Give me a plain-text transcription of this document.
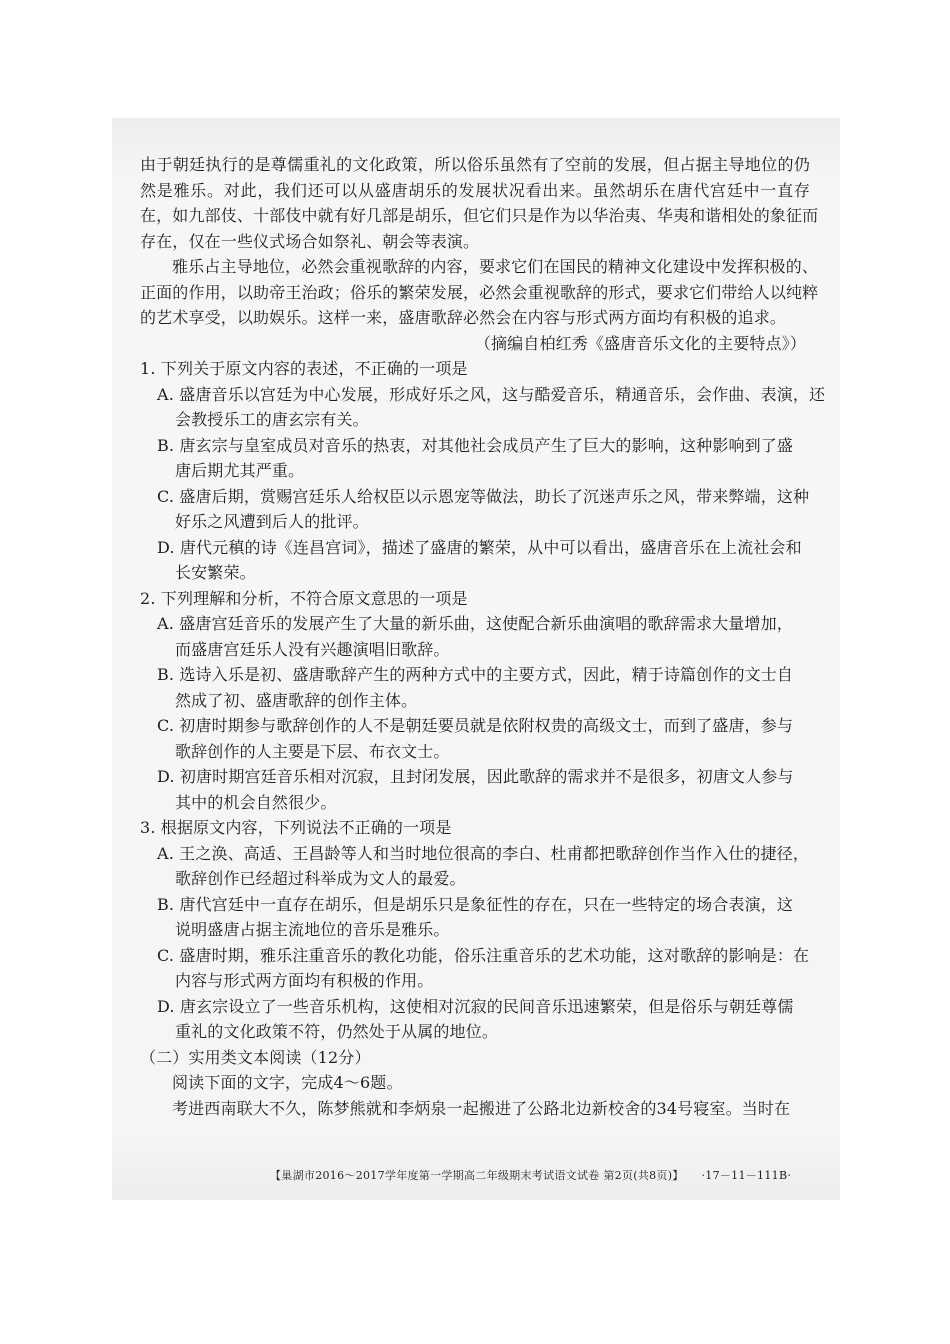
由于朝廷执行的是尊儒重礼的文化政策，所以俗乐虽然有了空前的发展，但占据主导地位的仍
然是雅乐。对此，我们还可以从盛唐胡乐的发展状况看出来。虽然胡乐在唐代宫廷中一直存
在，如九部伎、十部伎中就有好几部是胡乐，但它们只是作为以华治夷、华夷和谐相处的象征而
存在，仅在一些仪式场合如祭礼、朝会等表演。
雅乐占主导地位，必然会重视歌辞的内容，要求它们在国民的精神文化建设中发挥积极的、
正面的作用，以助帝王治政；俗乐的繁荣发展，必然会重视歌辞的形式，要求它们带给人以纯粹
的艺术享受，以助娱乐。这样一来，盛唐歌辞必然会在内容与形式两方面均有积极的追求。
（摘编自柏红秀《盛唐音乐文化的主要特点》）
1. 下列关于原文内容的表述，不正确的一项是
A. 盛唐音乐以宫廷为中心发展，形成好乐之风，这与酷爱音乐，精通音乐，会作曲、表演，还
会教授乐工的唐玄宗有关。
B. 唐玄宗与皇室成员对音乐的热衷，对其他社会成员产生了巨大的影响，这种影响到了盛
唐后期尤其严重。
C. 盛唐后期，赏赐宫廷乐人给权臣以示恩宠等做法，助长了沉迷声乐之风，带来弊端，这种
好乐之风遭到后人的批评。
D. 唐代元稹的诗《连昌宫词》，描述了盛唐的繁荣，从中可以看出，盛唐音乐在上流社会和
长安繁荣。
2. 下列理解和分析，不符合原文意思的一项是
A. 盛唐宫廷音乐的发展产生了大量的新乐曲，这使配合新乐曲演唱的歌辞需求大量增加，
而盛唐宫廷乐人没有兴趣演唱旧歌辞。
B. 选诗入乐是初、盛唐歌辞产生的两种方式中的主要方式，因此，精于诗篇创作的文士自
然成了初、盛唐歌辞的创作主体。
C. 初唐时期参与歌辞创作的人不是朝廷要员就是依附权贵的高级文士，而到了盛唐，参与
歌辞创作的人主要是下层、布衣文士。
D. 初唐时期宫廷音乐相对沉寂，且封闭发展，因此歌辞的需求并不是很多，初唐文人参与
其中的机会自然很少。
3. 根据原文内容，下列说法不正确的一项是
A. 王之涣、高适、王昌龄等人和当时地位很高的李白、杜甫都把歌辞创作当作入仕的捷径，
歌辞创作已经超过科举成为文人的最爱。
B. 唐代宫廷中一直存在胡乐，但是胡乐只是象征性的存在，只在一些特定的场合表演，这
说明盛唐占据主流地位的音乐是雅乐。
C. 盛唐时期，雅乐注重音乐的教化功能，俗乐注重音乐的艺术功能，这对歌辞的影响是：在
内容与形式两方面均有积极的作用。
D. 唐玄宗设立了一些音乐机构，这使相对沉寂的民间音乐迅速繁荣，但是俗乐与朝廷尊儒
重礼的文化政策不符，仍然处于从属的地位。
（二）实用类文本阅读（12分）
阅读下面的文字，完成4～6题。
考进西南联大不久，陈梦熊就和李炳泉一起搬进了公路北边新校舍的34号寝室。当时在
【巢湖市2016～2017学年度第一学期高二年级期末考试语文试卷 第2页(共8页)】 ·17－11－111B·
